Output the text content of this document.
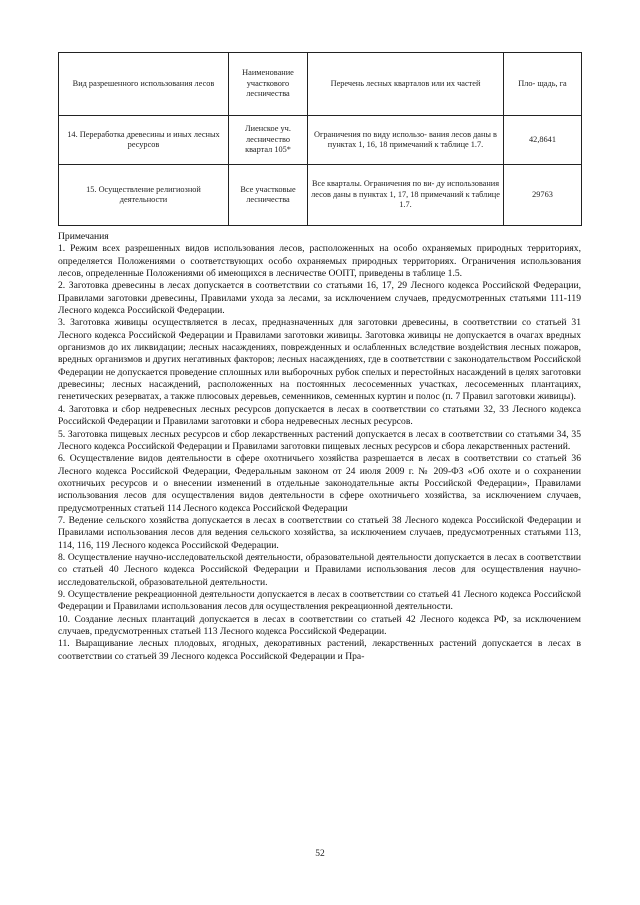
Вид разрешенного использования лесов	Наименование участкового лесничества	Перечень лесных кварталов или их частей	Пло- щадь, га
14. Переработка древесины и иных лесных ресурсов	Лиенское уч. лесничество квартал 105*	Ограничения по виду использо- вания лесов даны в пунктах 1, 16, 18 примечаний к таблице 1.7.	42,8641
15. Осуществление религиозной деятельности	Все участковые лесничества	Все кварталы. Ограничения по ви- ду использования лесов даны в пунктах 1, 17, 18 примечаний к таблице 1.7.	29763

Примечания

1. Режим всех разрешенных видов использования лесов, расположенных на особо охраняемых природных территориях, определяется Положениями о соответствующих особо охраняемых природных территориях. Ограничения использования лесов, определенные Положениями об имеющихся в лесничестве ООПТ, приведены в таблице 1.5.

2. Заготовка древесины в лесах допускается в соответствии со статьями 16, 17, 29 Лесного кодекса Российской Федерации, Правилами заготовки древесины, Правилами ухода за лесами, за исключением случаев, предусмотренных статьями 111-119 Лесного кодекса Российской Федерации.

3. Заготовка живицы осуществляется в лесах, предназначенных для заготовки древесины, в соответствии со статьей 31 Лесного кодекса Российской Федерации и Правилами заготовки живицы. Заготовка живицы не допускается в очагах вредных организмов до их ликвидации; лесных насаждениях, поврежденных и ослабленных вследствие воздействия лесных пожаров, вредных организмов и других негативных факторов; лесных насаждениях, где в соответствии с законодательством Российской Федерации не допускается проведение сплошных или выборочных рубок спелых и перестойных насаждений в целях заготовки древесины; лесных насаждений, расположенных на постоянных лесосеменных участках, лесосеменных плантациях, генетических резерватах, а также плюсовых деревьев, семенников, семенных куртин и полос (п. 7 Правил заготовки живицы).

4. Заготовка и сбор недревесных лесных ресурсов допускается в лесах в соответствии со статьями 32, 33 Лесного кодекса Российской Федерации и Правилами заготовки и сбора недревесных лесных ресурсов.

5. Заготовка пищевых лесных ресурсов и сбор лекарственных растений допускается в лесах в соответствии со статьями 34, 35 Лесного кодекса Российской Федерации и Правилами заготовки пищевых лесных ресурсов и сбора лекарственных растений.

6. Осуществление видов деятельности в сфере охотничьего хозяйства разрешается в лесах в соответствии со статьей 36 Лесного кодекса Российской Федерации, Федеральным законом от 24 июля 2009 г. № 209-ФЗ «Об охоте и о сохранении охотничьих ресурсов и о внесении изменений в отдельные законодательные акты Российской Федерации», Правилами использования лесов для осуществления видов деятельности в сфере охотничьего хозяйства, за исключением случаев, предусмотренных статьей 114 Лесного кодекса Российской Федерации

7. Ведение сельского хозяйства допускается в лесах в соответствии со статьей 38 Лесного кодекса Российской Федерации и Правилами использования лесов для ведения сельского хозяйства, за исключением случаев, предусмотренных статьями 113, 114, 116, 119 Лесного кодекса Российской Федерации.

8. Осуществление научно-исследовательской деятельности, образовательной деятельности допускается в лесах в соответствии со статьей 40 Лесного кодекса Российской Федерации и Правилами использования лесов для осуществления научно-исследовательской, образовательной деятельности.

9. Осуществление рекреационной деятельности допускается в лесах в соответствии со статьей 41 Лесного кодекса Российской Федерации и Правилами использования лесов для осуществления рекреационной деятельности.

10. Создание лесных плантаций допускается в лесах в соответствии со статьей 42 Лесного кодекса РФ, за исключением случаев, предусмотренных статьей 113 Лесного кодекса Российской Федерации.

11. Выращивание лесных плодовых, ягодных, декоративных растений, лекарственных растений допускается в лесах в соответствии со статьей 39 Лесного кодекса Российской Федерации и Пра-

52
